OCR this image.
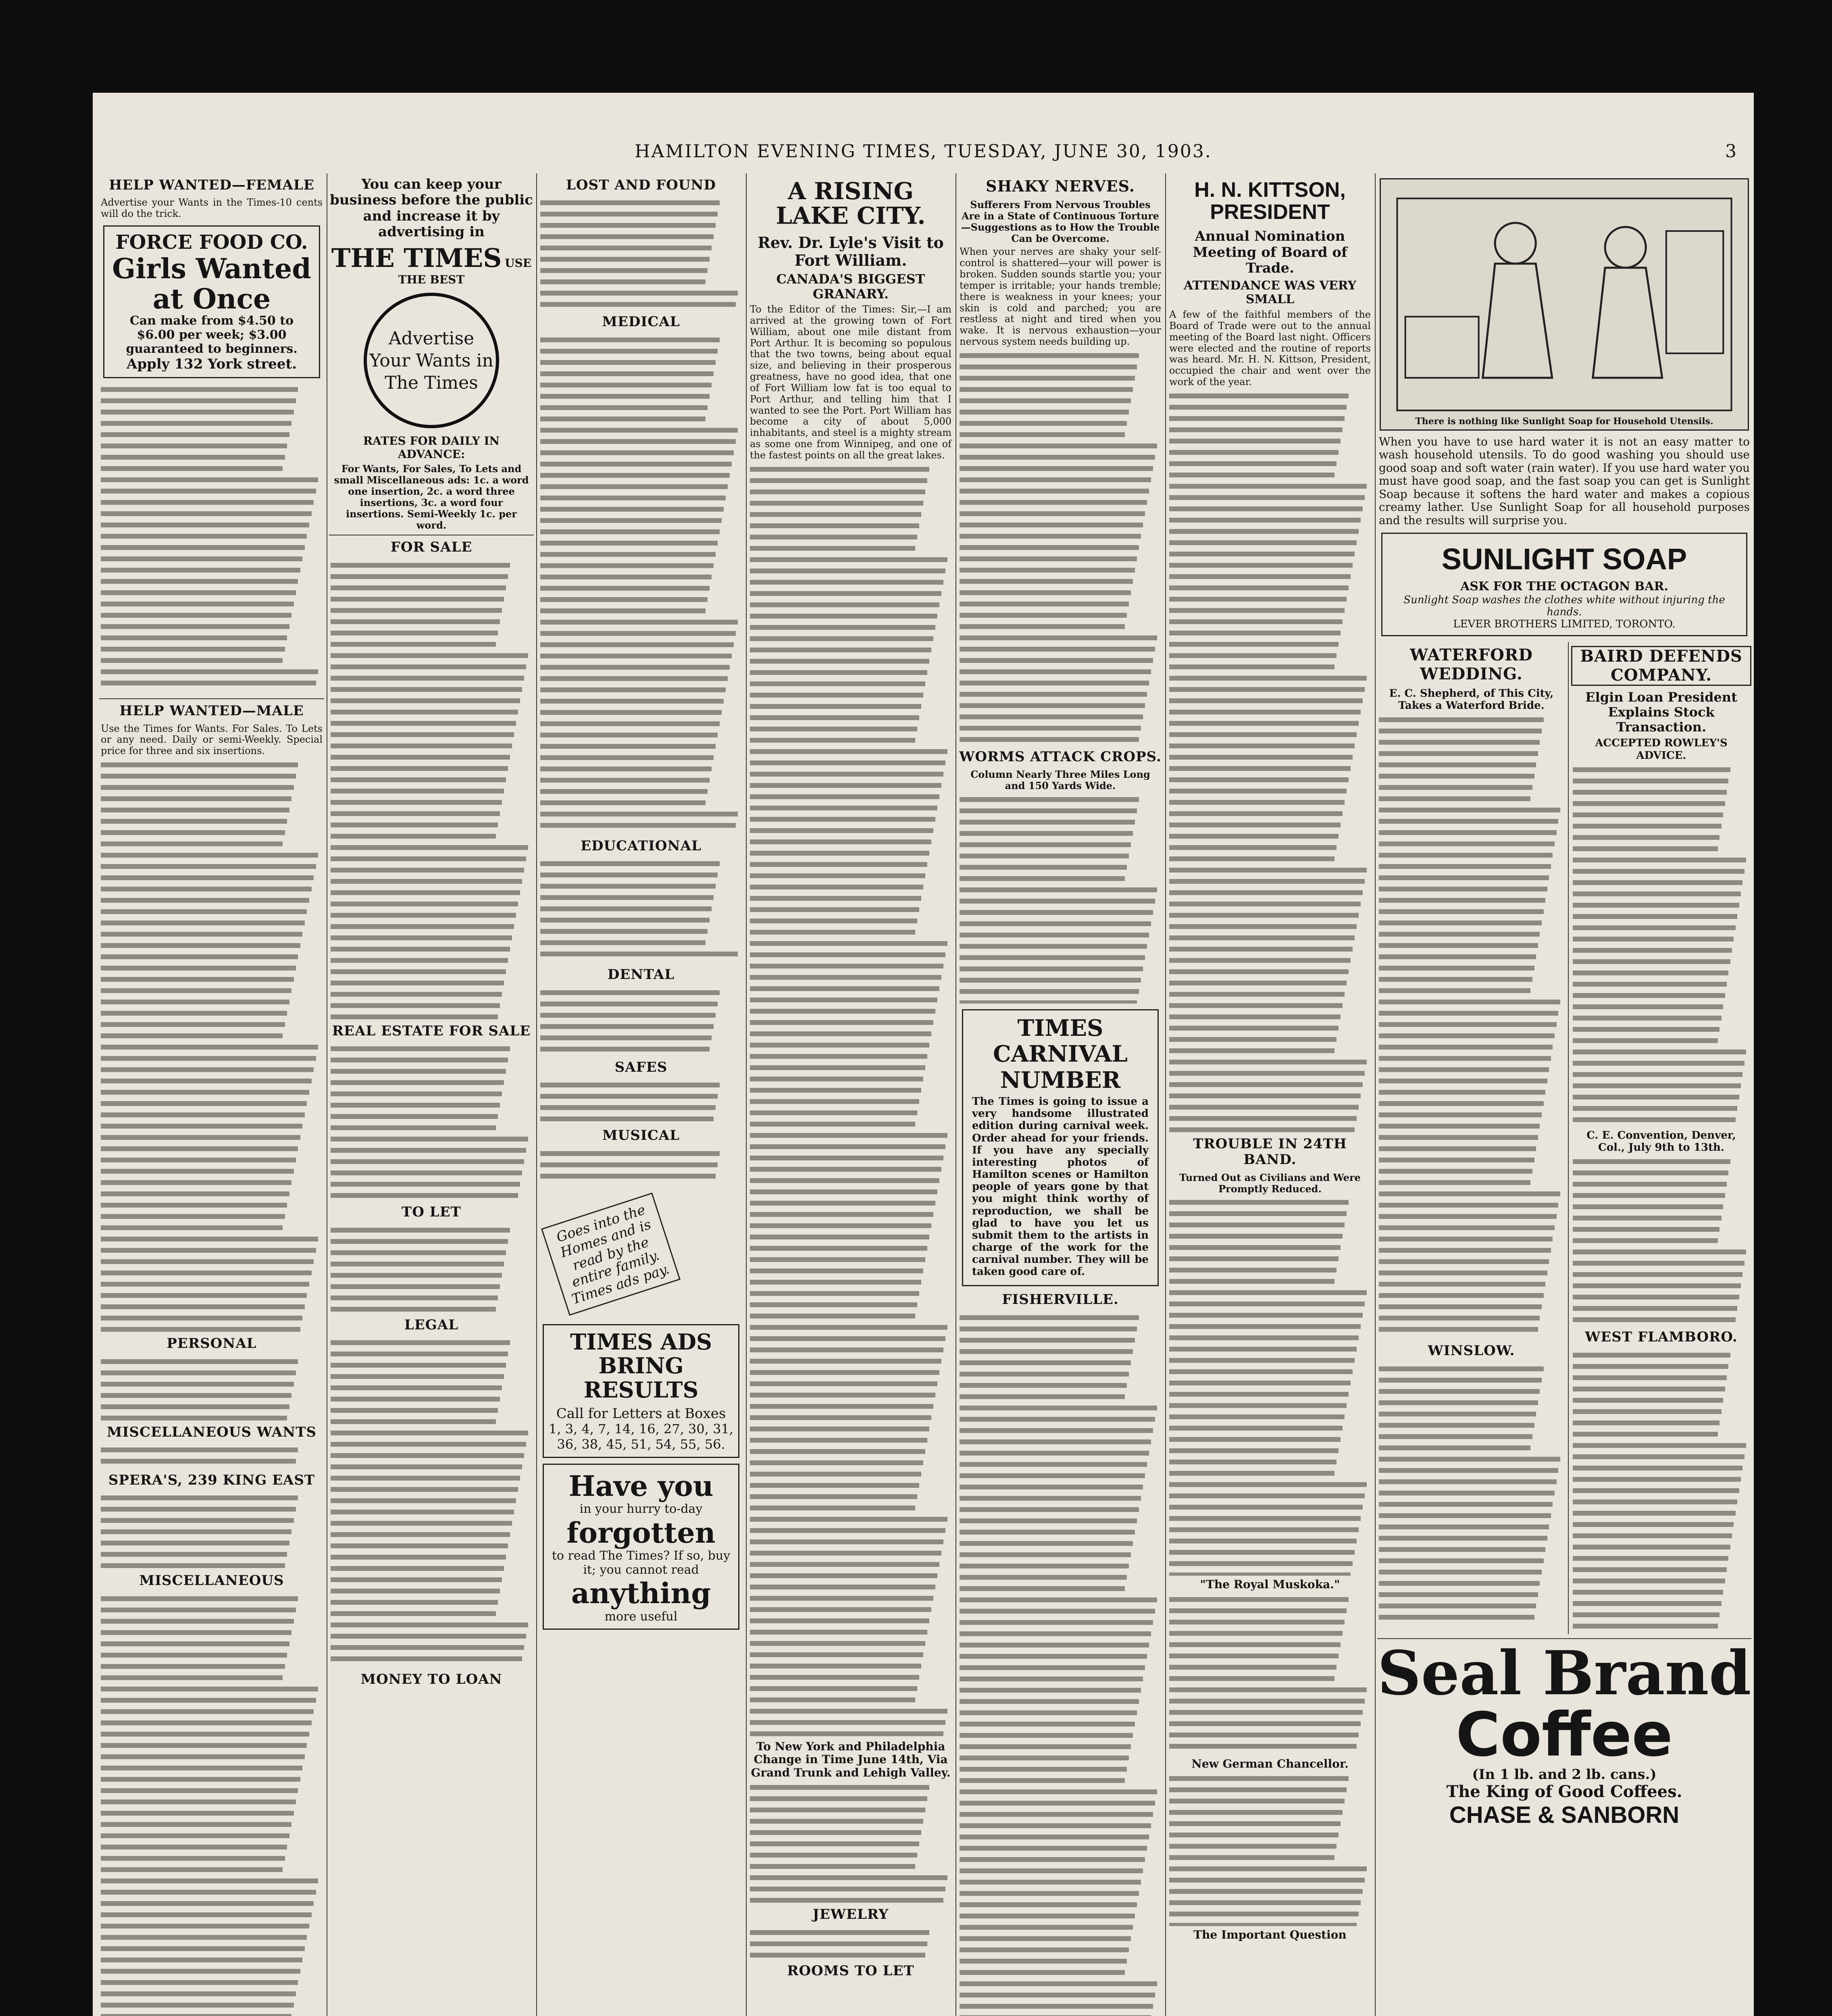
HAMILTON EVENING TIMES, TUESDAY, JUNE 30, 1903.	3
HELP WANTED—FEMALE

Advertise your Wants in the Times-10 cents will do the trick.

FORCE FOOD CO.
Girls Wanted at Once
Can make from $4.50 to $6.00 per week; $3.00 guaranteed to beginners.
Apply 132 York street.
HELP WANTED—MALE

Use the Times for Wants. For Sales. To Lets or any need. Daily or semi-Weekly. Special price for three and six insertions.

PERSONAL
MISCELLANEOUS WANTS
SPERA'S, 239 KING EAST
MISCELLANEOUS
You can keep your business before the public and increase it by advertising in
THE TIMES USE THE BEST
Advertise Your Wants in The Times
RATES FOR DAILY IN ADVANCE:

For Wants, For Sales, To Lets and small Miscellaneous ads: 1c. a word one insertion, 2c. a word three insertions, 3c. a word four insertions. Semi-Weekly 1c. per word.

FOR SALE
REAL ESTATE FOR SALE
TO LET
LEGAL
MONEY TO LOAN
LOST AND FOUND
MEDICAL
EDUCATIONAL
DENTAL
SAFES
MUSICAL
Goes into the Homes and is read by the entire family. Times ads pay.
TIMES ADS BRING RESULTS
Call for Letters at Boxes
1, 3, 4, 7, 14, 16, 27, 30, 31, 36, 38, 45, 51, 54, 55, 56.
Have you
in your hurry to-day
forgotten
to read The Times? If so, buy it; you cannot read
anything
more useful
A RISING LAKE CITY.
Rev. Dr. Lyle's Visit to Fort William.
CANADA'S BIGGEST GRANARY.

To the Editor of the Times: Sir,—I am arrived at the growing town of Fort William, about one mile distant from Port Arthur. It is becoming so populous that the two towns, being about equal size, and believing in their prosperous greatness, have no good idea, that one of Fort William low fat is too equal to Port Arthur, and telling him that I wanted to see the Port. Port William has become a city of about 5,000 inhabitants, and steel is a mighty stream as some one from Winnipeg, and one of the fastest points on all the great lakes.

To New York and Philadelphia Change in Time June 14th, Via Grand Trunk and Lehigh Valley.
JEWELRY
ROOMS TO LET
SHAKY NERVES.
Sufferers From Nervous Troubles Are in a State of Continuous Torture—Suggestions as to How the Trouble Can be Overcome.

When your nerves are shaky your self-control is shattered—your will power is broken. Sudden sounds startle you; your temper is irritable; your hands tremble; there is weakness in your knees; your skin is cold and parched; you are restless at night and tired when you wake. It is nervous exhaustion—your nervous system needs building up.

WORMS ATTACK CROPS.
Column Nearly Three Miles Long and 150 Yards Wide.
TIMES CARNIVAL NUMBER

The Times is going to issue a very handsome illustrated edition during carnival week. Order ahead for your friends. If you have any specially interesting photos of Hamilton scenes or Hamilton people of years gone by that you might think worthy of reproduction, we shall be glad to have you let us submit them to the artists in charge of the work for the carnival number. They will be taken good care of.

FISHERVILLE.
H. N. KITTSON, PRESIDENT
Annual Nomination Meeting of Board of Trade.
ATTENDANCE WAS VERY SMALL

A few of the faithful members of the Board of Trade were out to the annual meeting of the Board last night. Officers were elected and the routine of reports was heard. Mr. H. N. Kittson, President, occupied the chair and went over the work of the year.

TROUBLE IN 24TH BAND.
Turned Out as Civilians and Were Promptly Reduced.
"The Royal Muskoka."
New German Chancellor.
The Important Question
There is nothing like Sunlight Soap for Household Utensils.

When you have to use hard water it is not an easy matter to wash household utensils. To do good washing you should use good soap and soft water (rain water). If you use hard water you must have good soap, and the fast soap you can get is Sunlight Soap because it softens the hard water and makes a copious creamy lather. Use Sunlight Soap for all household purposes and the results will surprise you.

SUNLIGHT SOAP
ASK FOR THE OCTAGON BAR.
Sunlight Soap washes the clothes white without injuring the hands.
LEVER BROTHERS LIMITED, TORONTO.
WATERFORD WEDDING.
E. C. Shepherd, of This City, Takes a Waterford Bride.
WINSLOW.
BAIRD DEFENDS COMPANY.
Elgin Loan President Explains Stock Transaction.
ACCEPTED ROWLEY'S ADVICE.
C. E. Convention, Denver, Col., July 9th to 13th.
WEST FLAMBORO.
Seal Brand
Coffee
(In 1 lb. and 2 lb. cans.)
The King of Good Coffees.
CHASE & SANBORN
